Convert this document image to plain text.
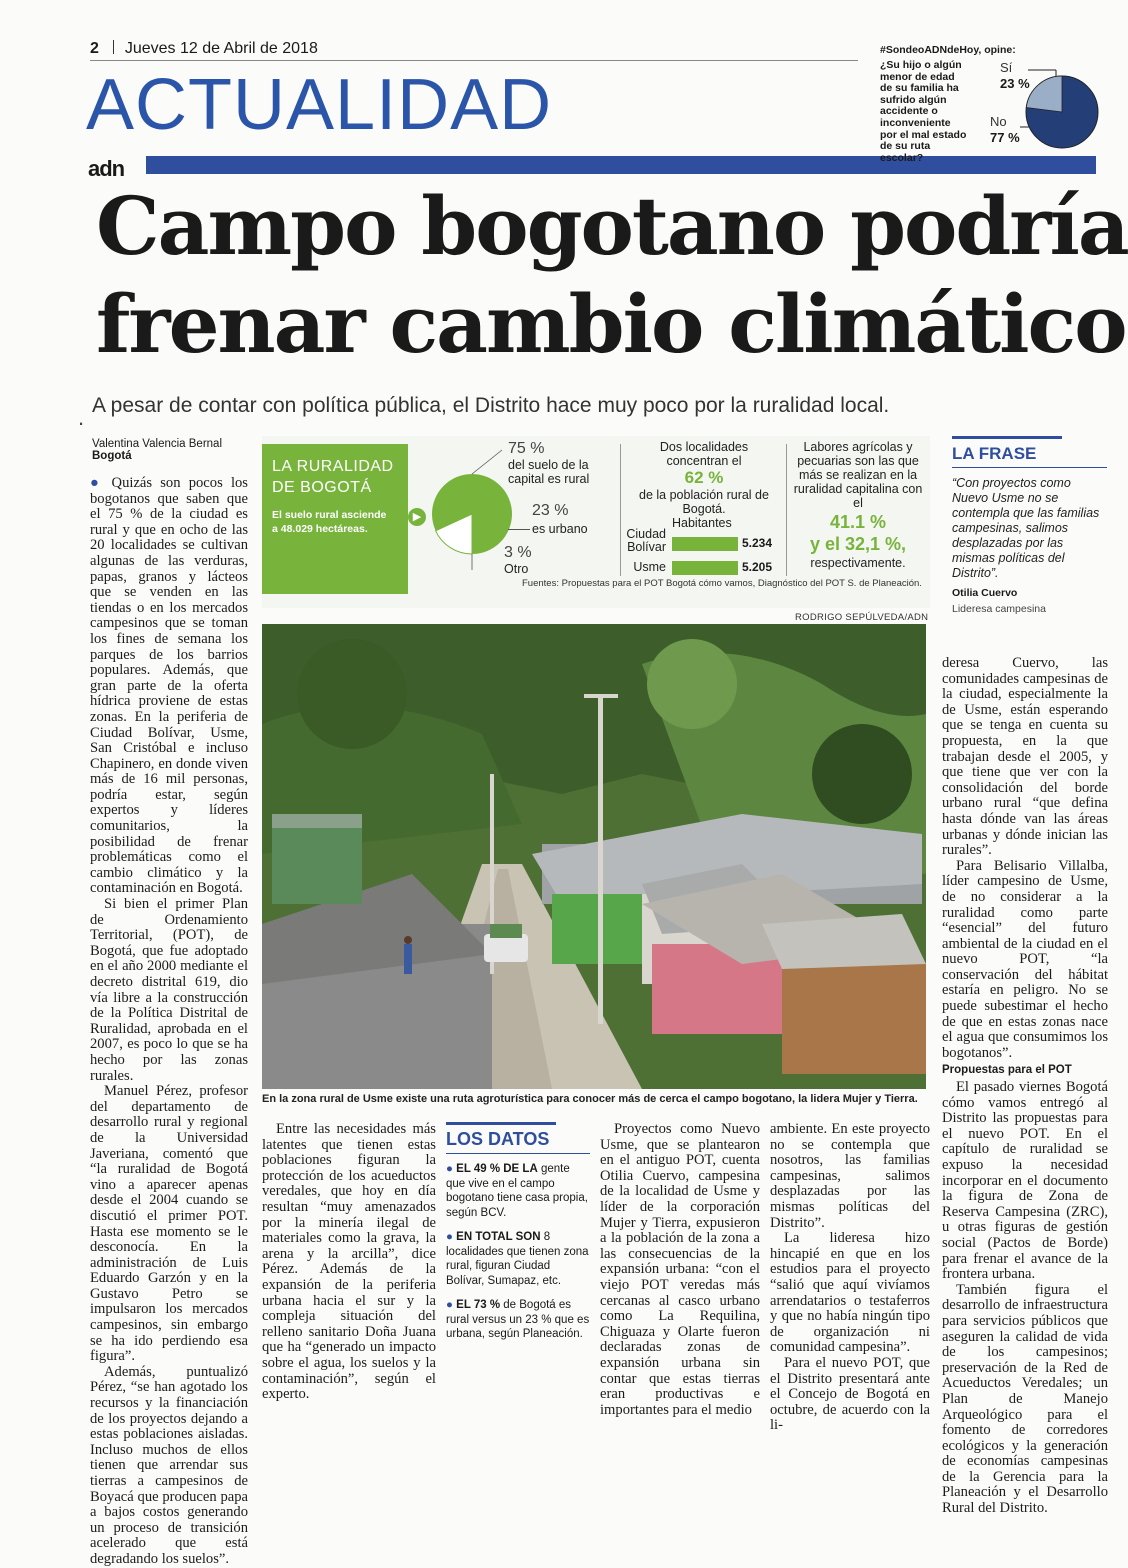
2 Jueves 12 de Abril de 2018
ACTUALIDAD
adn
#SondeoADNdeHoy, opine:
¿Su hijo o algún menor de edad de su familia ha sufrido algún accidente o inconveniente por el mal estado de su ruta escolar?
Sí
23 %
No
77 %
Campo bogotano podría
frenar cambio climático
. A pesar de contar con política pública, el Distrito hace muy poco por la ruralidad local.
Valentina Valencia Bernal
Bogotá
LA RURALIDAD DE BOGOTÁ
El suelo rural asciende a 48.029 hectáreas.
▶
75 %
del suelo de la capital es rural
23 %
es urbano
3 %
Otro
Dos localidades concentran el
62 %
de la población rural de Bogotá.
Habitantes
Ciudad Bolívar	5.234
Usme	5.205
Labores agrícolas y pecuarias son las que más se realizan en la ruralidad capitalina con el
41.1 %
y el 32,1 %,
respectivamente.
Fuentes: Propuestas para el POT Bogotá cómo vamos, Diagnóstico del POT S. de Planeación.
LA FRASE
“Con proyectos como Nuevo Usme no se contempla que las familias campesinas, salimos desplazadas por las mismas políticas del Distrito”.
Otilia Cuervo
Lideresa campesina

● Quizás son pocos los bogotanos que saben que el 75 % de la ciudad es rural y que en ocho de las 20 localidades se cultivan algunas de las verduras, papas, granos y lácteos que se venden en las tiendas o en los mercados campesinos que se toman los fines de semana los parques de los barrios populares. Además, que gran parte de la oferta hídrica proviene de estas zonas. En la periferia de Ciudad Bolívar, Usme, San Cristóbal e incluso Chapinero, en donde viven más de 16 mil personas, podría estar, según expertos y líderes comunitarios, la posibilidad de frenar problemáticas como el cambio climático y la contaminación en Bogotá.

Si bien el primer Plan de Ordenamiento Territorial, (POT), de Bogotá, que fue adoptado en el año 2000 mediante el decreto distrital 619, dio vía libre a la construcción de la Política Distrital de Ruralidad, aprobada en el 2007, es poco lo que se ha hecho por las zonas rurales.

Manuel Pérez, profesor del departamento de desarrollo rural y regional de la Universidad Javeriana, comentó que “la ruralidad de Bogotá vino a aparecer apenas desde el 2004 cuando se discutió el primer POT. Hasta ese momento se le desconocía. En la administración de Luis Eduardo Garzón y en la Gustavo Petro se impulsaron los mercados campesinos, sin embargo se ha ido perdiendo esa figura”.

Además, puntualizó Pérez, “se han agotado los recursos y la financiación de los proyectos dejando a estas poblaciones aisladas. Incluso muchos de ellos tienen que arrendar sus tierras a campesinos de Boyacá que producen papa a bajos costos generando un proceso de transición acelerado que está degradando los suelos”.

RODRIGO SEPÚLVEDA/ADN
En la zona rural de Usme existe una ruta agroturística para conocer más de cerca el campo bogotano, la lidera Mujer y Tierra.

Entre las necesidades más latentes que tienen estas poblaciones figuran la protección de los acueductos veredales, que hoy en día resultan “muy amenazados por la minería ilegal de materiales como la grava, la arena y la arcilla”, dice Pérez. Además de la expansión de la periferia urbana hacia el sur y la compleja situación del relleno sanitario Doña Juana que ha “generado un impacto sobre el agua, los suelos y la contaminación”, según el experto.

LOS DATOS
● EL 49 % DE LA gente que vive en el campo bogotano tiene casa propia, según BCV.
● EN TOTAL SON 8 localidades que tienen zona rural, figuran Ciudad Bolívar, Sumapaz, etc.
● EL 73 % de Bogotá es rural versus un 23 % que es urbana, según Planeación.

Proyectos como Nuevo Usme, que se plantearon en el antiguo POT, cuenta Otilia Cuervo, campesina de la localidad de Usme y líder de la corporación Mujer y Tierra, expusieron a la población de la zona a las consecuencias de la expansión urbana: “con el viejo POT veredas más cercanas al casco urbano como La Requilina, Chiguaza y Olarte fueron declaradas zonas de expansión urbana sin contar que estas tierras eran productivas e importantes para el medio

ambiente. En este proyecto no se contempla que nosotros, las familias campesinas, salimos desplazadas por las mismas políticas del Distrito”.

La lideresa hizo hincapié en que en los estudios para el proyecto “salió que aquí vivíamos arrendatarios o testaferros y que no había ningún tipo de organización ni comunidad campesina”.

Para el nuevo POT, que el Distrito presentará ante el Concejo de Bogotá en octubre, de acuerdo con la li-

deresa Cuervo, las comunidades campesinas de la ciudad, especialmente la de Usme, están esperando que se tenga en cuenta su propuesta, en la que trabajan desde el 2005, y que tiene que ver con la consolidación del borde urbano rural “que defina hasta dónde van las áreas urbanas y dónde inician las rurales”.

Para Belisario Villalba, líder campesino de Usme, de no considerar a la ruralidad como parte “esencial” del futuro ambiental de la ciudad en el nuevo POT, “la conservación del hábitat estaría en peligro. No se puede subestimar el hecho de que en estas zonas nace el agua que consumimos los bogotanos”.

Propuestas para el POT

El pasado viernes Bogotá cómo vamos entregó al Distrito las propuestas para el nuevo POT. En el capítulo de ruralidad se expuso la necesidad incorporar en el documento la figura de Zona de Reserva Campesina (ZRC), u otras figuras de gestión social (Pactos de Borde) para frenar el avance de la frontera urbana.

También figura el desarrollo de infraestructura para servicios públicos que aseguren la calidad de vida de los campesinos; preservación de la Red de Acueductos Veredales; un Plan de Manejo Arqueológico para el fomento de corredores ecológicos y la generación de economías campesinas de la Gerencia para la Planeación y el Desarrollo Rural del Distrito.
